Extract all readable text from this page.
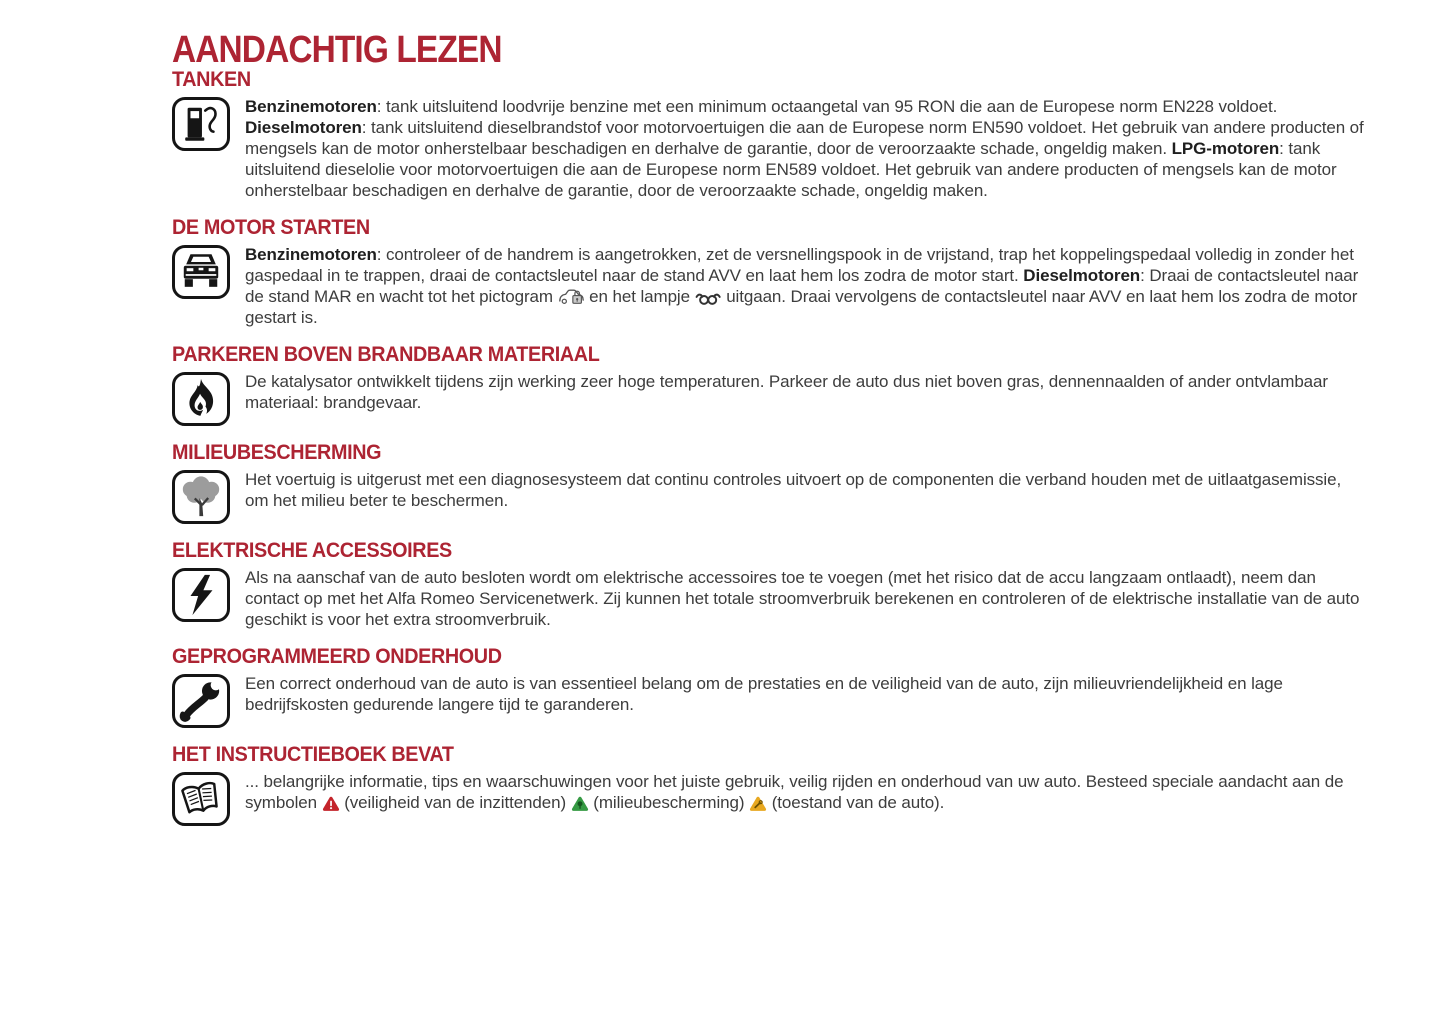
AANDACHTIG LEZEN
TANKEN

Benzinemotoren: tank uitsluitend loodvrije benzine met een minimum octaangetal van 95 RON die aan de Europese norm EN228 voldoet. Dieselmotoren: tank uitsluitend dieselbrandstof voor motorvoertuigen die aan de Europese norm EN590 voldoet. Het gebruik van andere producten of mengsels kan de motor onherstelbaar beschadigen en derhalve de garantie, door de veroorzaakte schade, ongeldig maken. LPG-motoren: tank uitsluitend dieselolie voor motorvoertuigen die aan de Europese norm EN589 voldoet. Het gebruik van andere producten of mengsels kan de motor onherstelbaar beschadigen en derhalve de garantie, door de veroorzaakte schade, ongeldig maken.

DE MOTOR STARTEN

Benzinemotoren: controleer of de handrem is aangetrokken, zet de versnellingspook in de vrijstand, trap het koppelingspedaal volledig in zonder het gaspedaal in te trappen, draai de contactsleutel naar de stand AVV en laat hem los zodra de motor start. Dieselmotoren: Draai de contactsleutel naar de stand MAR en wacht tot het pictogram  en het lampje  uitgaan. Draai vervolgens de contactsleutel naar AVV en laat hem los zodra de motor gestart is.

PARKEREN BOVEN BRANDBAAR MATERIAAL

De katalysator ontwikkelt tijdens zijn werking zeer hoge temperaturen. Parkeer de auto dus niet boven gras, dennennaalden of ander ontvlambaar materiaal: brandgevaar.

MILIEUBESCHERMING

Het voertuig is uitgerust met een diagnosesysteem dat continu controles uitvoert op de componenten die verband houden met de uitlaatgasemissie, om het milieu beter te beschermen.

ELEKTRISCHE ACCESSOIRES

Als na aanschaf van de auto besloten wordt om elektrische accessoires toe te voegen (met het risico dat de accu langzaam ontlaadt), neem dan contact op met het Alfa Romeo Servicenetwerk. Zij kunnen het totale stroomverbruik berekenen en controleren of de elektrische installatie van de auto geschikt is voor het extra stroomverbruik.

GEPROGRAMMEERD ONDERHOUD

Een correct onderhoud van de auto is van essentieel belang om de prestaties en de veiligheid van de auto, zijn milieuvriendelijkheid en lage bedrijfskosten gedurende langere tijd te garanderen.

HET INSTRUCTIEBOEK BEVAT

... belangrijke informatie, tips en waarschuwingen voor het juiste gebruik, veilig rijden en onderhoud van uw auto. Besteed speciale aandacht aan de symbolen  (veiligheid van de inzittenden)  (milieubescherming)  (toestand van de auto).
